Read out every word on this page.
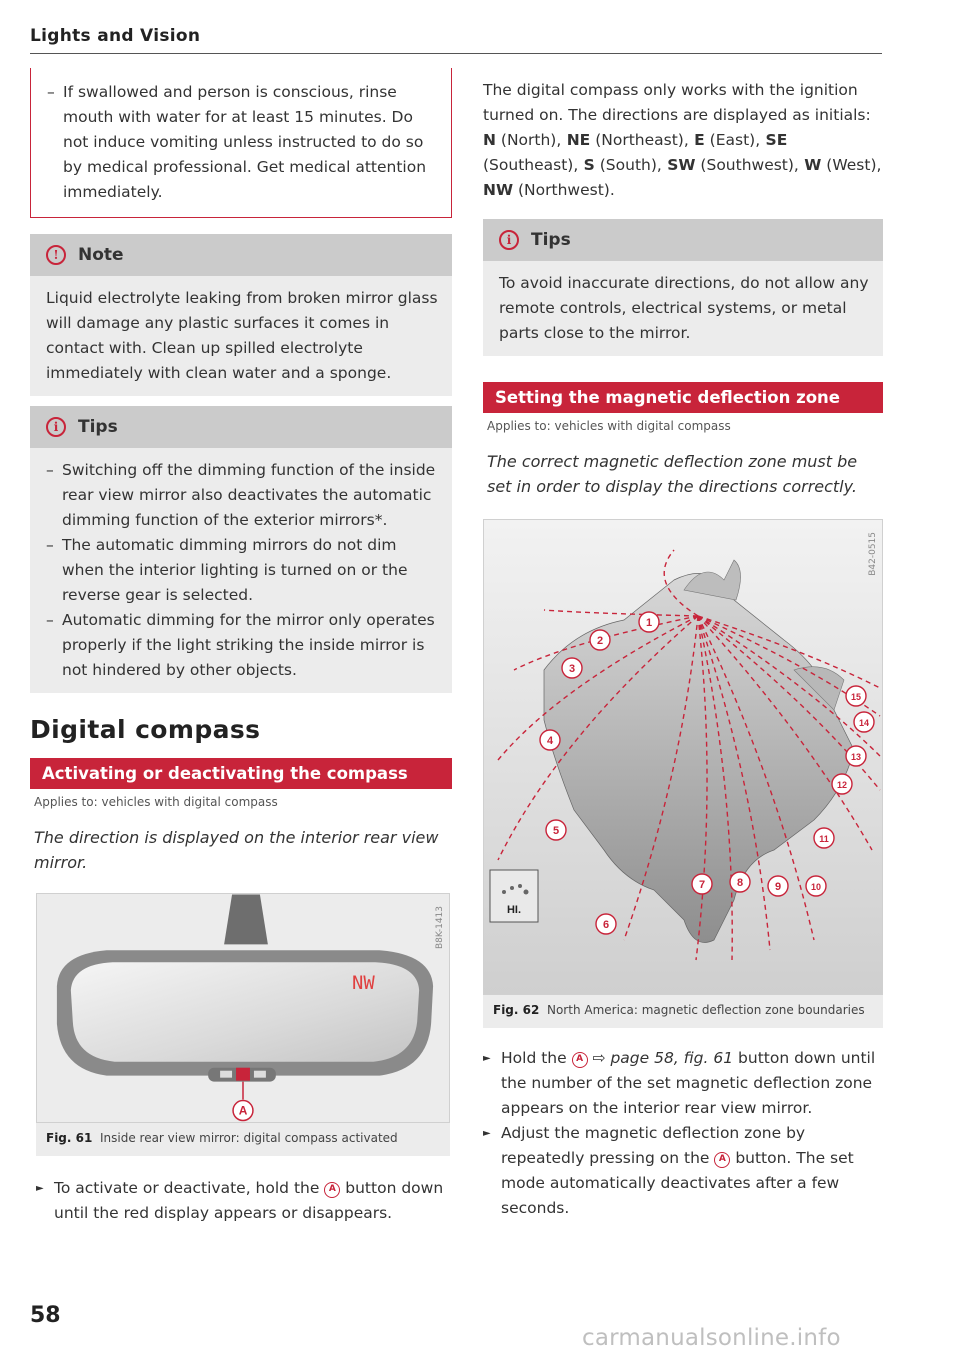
Lights and Vision
– If swallowed and person is conscious, rinse mouth with water for at least 15 minutes. Do not induce vomiting unless instructed to do so by medical professional. Get medical attention immediately.
!	Note
Liquid electrolyte leaking from broken mirror glass will damage any plastic surfaces it comes in contact with. Clean up spilled electrolyte immediately with clean water and a sponge.
i	Tips
– Switching off the dimming function of the inside rear view mirror also deactivates the automatic dimming function of the exterior mirrors*.
– The automatic dimming mirrors do not dim when the interior lighting is turned on or the reverse gear is selected.
– Automatic dimming for the mirror only operates properly if the light striking the inside mirror is not hindered by other objects.
Digital compass
Activating or deactivating the compass
Applies to: vehicles with digital compass
The direction is displayed on the interior rear view mirror.
A
NW
B8K-1413
Fig. 61 Inside rear view mirror: digital compass activated
► To activate or deactivate, hold the A button down until the red display appears or disappears.
The digital compass only works with the ignition turned on. The directions are displayed as initials: N (North), NE (Northeast), E (East), SE (Southeast), S (South), SW (Southwest), W (West), NW (Northwest).
i	Tips
To avoid inaccurate directions, do not allow any remote controls, electrical systems, or metal parts close to the mirror.
Setting the magnetic deflection zone
Applies to: vehicles with digital compass
The correct magnetic deflection zone must be set in order to display the directions correctly.
HI.
1
2
3
4
5
6
7	8	9	10
11
12
13
14
15
B42-0515
Fig. 62 North America: magnetic deflection zone boundaries
► Hold the A ⇨ page 58, fig. 61 button down until the number of the set magnetic deflection zone appears on the interior rear view mirror.
► Adjust the magnetic deflection zone by repeatedly pressing on the A button. The set mode automatically deactivates after a few seconds.
58
carmanualsonline.info
